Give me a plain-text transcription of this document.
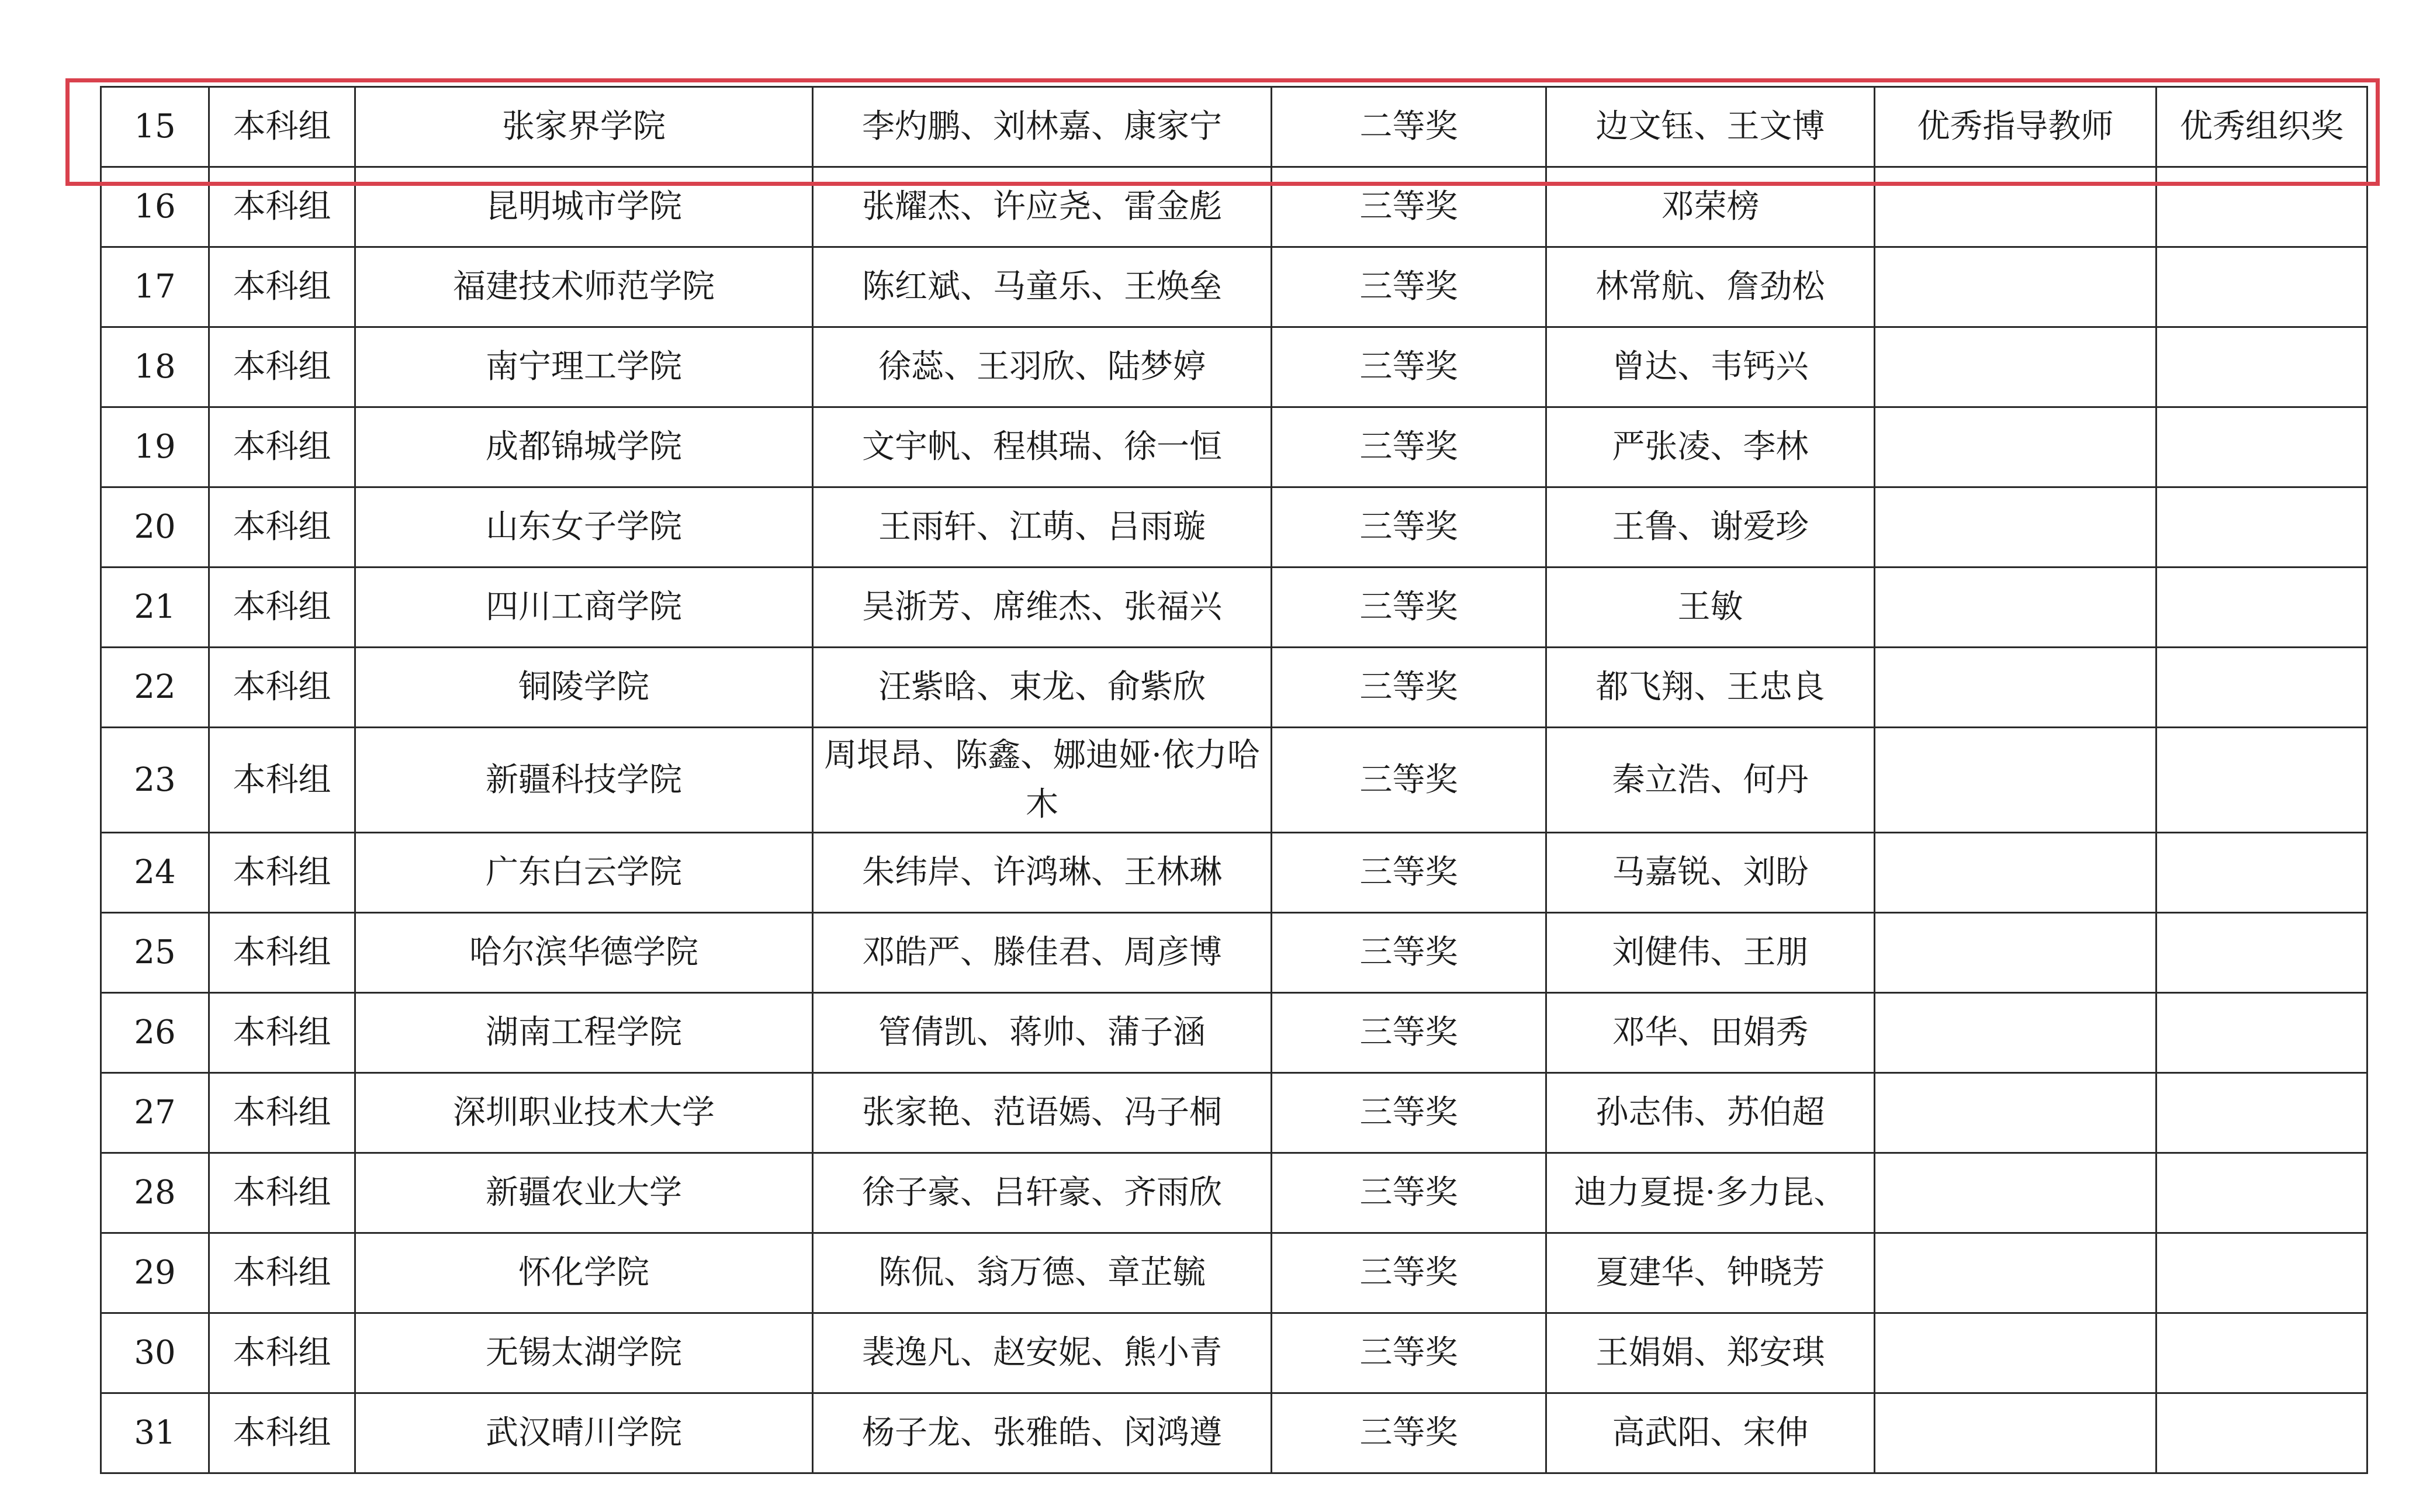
15	本科组	张家界学院	李灼鹏、刘林嘉、康家宁	二等奖	边文钰、王文博	优秀指导教师	优秀组织奖
16	本科组	昆明城市学院	张耀杰、许应尧、雷金彪	三等奖	邓荣榜		
17	本科组	福建技术师范学院	陈红斌、马童乐、王焕垒	三等奖	林常航、詹劲松		
18	本科组	南宁理工学院	徐蕊、王羽欣、陆梦婷	三等奖	曾达、韦钙兴		
19	本科组	成都锦城学院	文宇帆、程棋瑞、徐一恒	三等奖	严张凌、李林		
20	本科组	山东女子学院	王雨轩、江萌、吕雨璇	三等奖	王鲁、谢爱珍		
21	本科组	四川工商学院	吴浙芳、席维杰、张福兴	三等奖	王敏		
22	本科组	铜陵学院	汪紫晗、束龙、俞紫欣	三等奖	都飞翔、王忠良		
23	本科组	新疆科技学院	周垠昂、陈鑫、娜迪娅·依力哈木	三等奖	秦立浩、何丹		
24	本科组	广东白云学院	朱纬岸、许鸿琳、王林琳	三等奖	马嘉锐、刘盼		
25	本科组	哈尔滨华德学院	邓皓严、滕佳君、周彦博	三等奖	刘健伟、王朋		
26	本科组	湖南工程学院	管倩凯、蒋帅、蒲子涵	三等奖	邓华、田娟秀		
27	本科组	深圳职业技术大学	张家艳、范语嫣、冯子桐	三等奖	孙志伟、苏伯超		
28	本科组	新疆农业大学	徐子豪、吕轩豪、齐雨欣	三等奖	迪力夏提·多力昆、		
29	本科组	怀化学院	陈侃、翁万德、章芷毓	三等奖	夏建华、钟晓芳		
30	本科组	无锡太湖学院	裴逸凡、赵安妮、熊小青	三等奖	王娟娟、郑安琪		
31	本科组	武汉晴川学院	杨子龙、张雅皓、闵鸿遵	三等奖	高武阳、宋伸		
